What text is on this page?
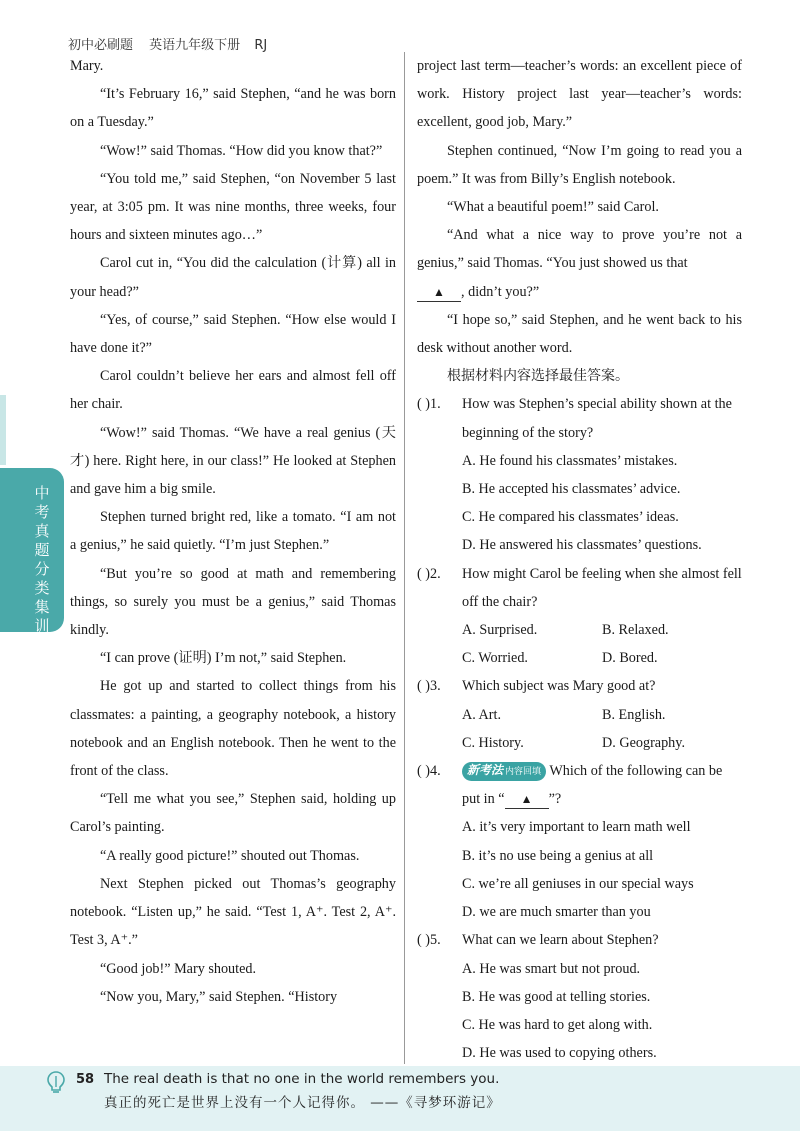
初中必刷题 英语九年级下册 RJ
中考真题分类集训

Mary.

“It’s February 16,” said Stephen, “and he was born on a Tuesday.”

“Wow!” said Thomas. “How did you know that?”

“You told me,” said Stephen, “on November 5 last year, at 3:05 pm. It was nine months, three weeks, four hours and sixteen minutes ago…”

Carol cut in, “You did the calculation (计算) all in your head?”

“Yes, of course,” said Stephen. “How else would I have done it?”

Carol couldn’t believe her ears and almost fell off her chair.

“Wow!” said Thomas. “We have a real genius (天才) here. Right here, in our class!” He looked at Stephen and gave him a big smile.

Stephen turned bright red, like a tomato. “I am not a genius,” he said quietly. “I’m just Stephen.”

“But you’re so good at math and remembering things, so surely you must be a genius,” said Thomas kindly.

“I can prove (证明) I’m not,” said Stephen.

He got up and started to collect things from his classmates: a painting, a geography notebook, a history notebook and an English notebook. Then he went to the front of the class.

“Tell me what you see,” Stephen said, holding up Carol’s painting.

“A really good picture!” shouted out Thomas.

Next Stephen picked out Thomas’s geography notebook. “Listen up,” he said. “Test 1, A⁺. Test 2, A⁺. Test 3, A⁺.”

“Good job!” Mary shouted.

“Now you, Mary,” said Stephen. “History

project last term—teacher’s words: an excellent piece of work. History project last year—teacher’s words: excellent, good job, Mary.”

Stephen continued, “Now I’m going to read you a poem.” It was from Billy’s English notebook.

“What a beautiful poem!” said Carol.

“And what a nice way to prove you’re not a genius,” said Thomas. “You just showed us that

▲ , didn’t you?”

“I hope so,” said Stephen, and he went back to his desk without another word.

根据材料内容选择最佳答案。

( )1. How was Stephen’s special ability shown at the beginning of the story?

A. He found his classmates’ mistakes.

B. He accepted his classmates’ advice.

C. He compared his classmates’ ideas.

D. He answered his classmates’ questions.

( )2. How might Carol be feeling when she almost fell off the chair?

A. Surprised.	B. Relaxed.

C. Worried.	D. Bored.

( )3. Which subject was Mary good at?

A. Art.	B. English.

C. History.	D. Geography.

( )4. 新考法 内容回填 Which of the following can be put in “ ▲ ”?

A. it’s very important to learn math well

B. it’s no use being a genius at all

C. we’re all geniuses in our special ways

D. we are much smarter than you

( )5. What can we learn about Stephen?

A. He was smart but not proud.

B. He was good at telling stories.

C. He was hard to get along with.

D. He was used to copying others.

58 The real death is that no one in the world remembers you.
真正的死亡是世界上没有一个人记得你。 ——《寻梦环游记》
